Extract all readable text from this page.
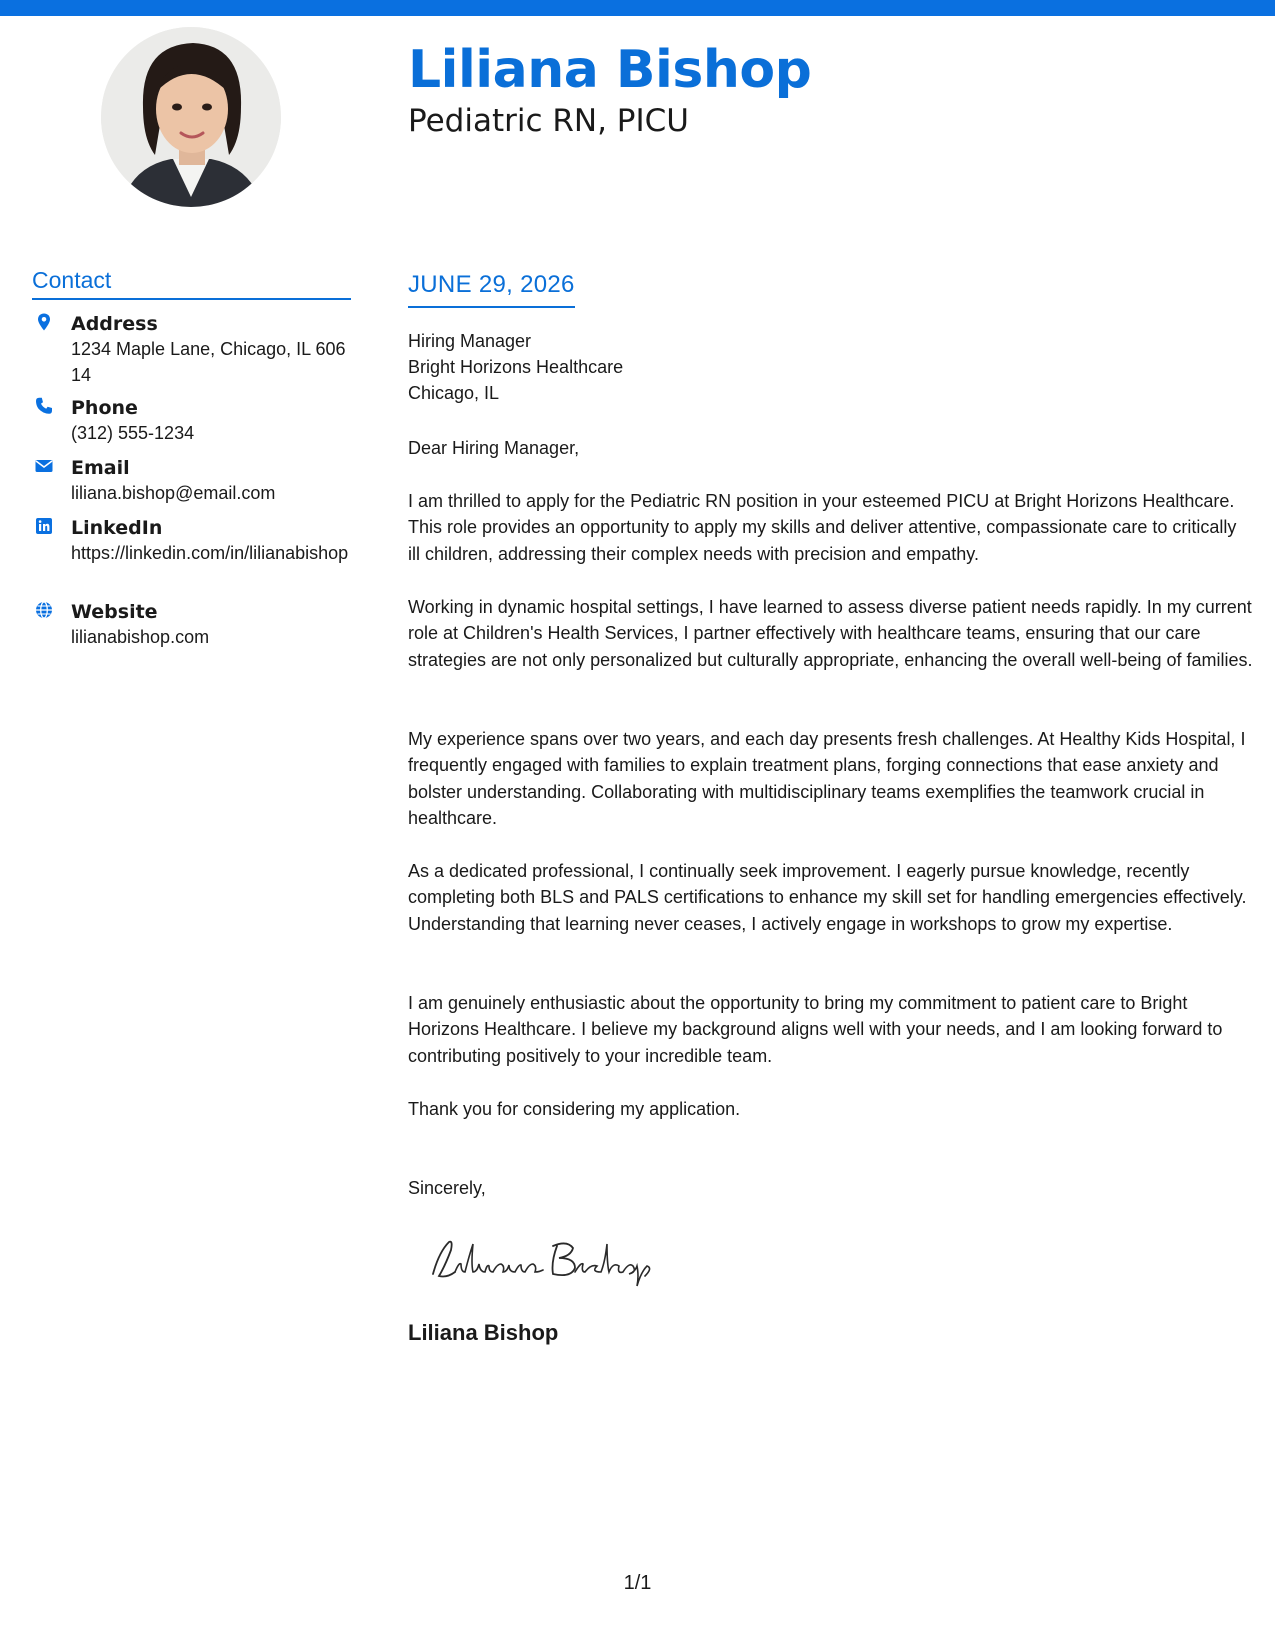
Liliana Bishop
Pediatric RN, PICU
Contact
Address
1234 Maple Lane, Chicago, IL 60614
Phone
(312) 555-1234
Email
liliana.bishop@email.com
LinkedIn
https://linkedin.com/in/lilianabishop
Website
lilianabishop.com
JUNE 29, 2026
Hiring Manager
Bright Horizons Healthcare
Chicago, IL

Dear Hiring Manager,

I am thrilled to apply for the Pediatric RN position in your esteemed PICU at Bright Horizons Healthcare. This role provides an opportunity to apply my skills and deliver attentive, compassionate care to critically ill children, addressing their complex needs with precision and empathy.

Working in dynamic hospital settings, I have learned to assess diverse patient needs rapidly. In my current role at Children's Health Services, I partner effectively with healthcare teams, ensuring that our care strategies are not only personalized but culturally appropriate, enhancing the overall well-being of families.

My experience spans over two years, and each day presents fresh challenges. At Healthy Kids Hospital, I frequently engaged with families to explain treatment plans, forging connections that ease anxiety and bolster understanding. Collaborating with multidisciplinary teams exemplifies the teamwork crucial in healthcare.

As a dedicated professional, I continually seek improvement. I eagerly pursue knowledge, recently completing both BLS and PALS certifications to enhance my skill set for handling emergencies effectively. Understanding that learning never ceases, I actively engage in workshops to grow my expertise.

I am genuinely enthusiastic about the opportunity to bring my commitment to patient care to Bright Horizons Healthcare. I believe my background aligns well with your needs, and I am looking forward to contributing positively to your incredible team.

Thank you for considering my application.

Sincerely,

Liliana Bishop
1/1
